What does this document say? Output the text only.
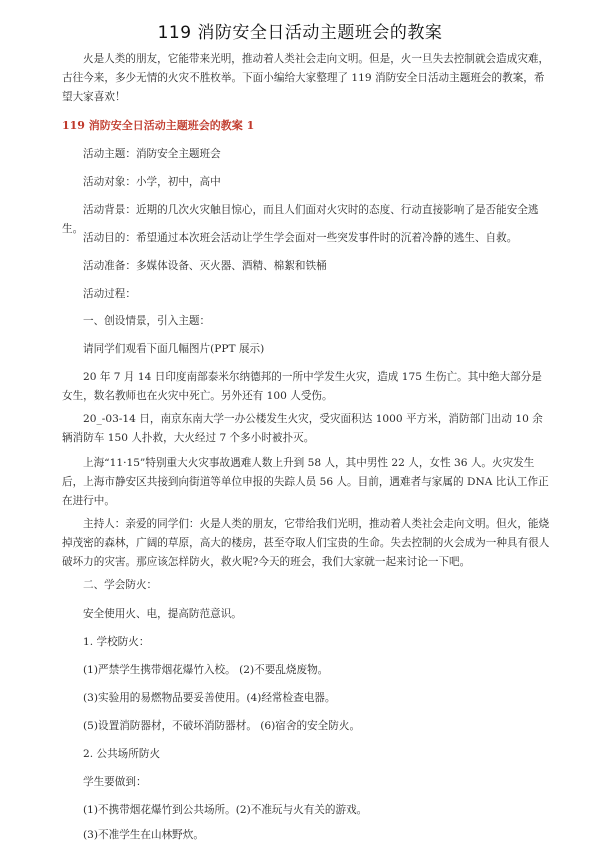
119 消防安全日活动主题班会的教案

火是人类的朋友，它能带来光明，推动着人类社会走向文明。但是，火一旦失去控制就会造成灾难，古往今来，多少无情的火灾不胜枚举。下面小编给大家整理了 119 消防安全日活动主题班会的教案，希望大家喜欢！

119 消防安全日活动主题班会的教案 1

活动主题：消防安全主题班会

活动对象：小学，初中，高中

活动背景：近期的几次火灾触目惊心，而且人们面对火灾时的态度、行动直接影响了是否能安全逃生。

活动目的：希望通过本次班会活动让学生学会面对一些突发事件时的沉着冷静的逃生、自救。

活动准备：多媒体设备、灭火器、酒精、棉絮和铁桶

活动过程：

一、创设情景，引入主题：

请同学们观看下面几幅图片(PPT 展示)

20 年 7 月 14 日印度南部泰米尔纳德邦的一所中学发生火灾，造成 175 生伤亡。其中绝大部分是女生，数名教师也在火灾中死亡。另外还有 100 人受伤。

20_-03-14 日，南京东南大学一办公楼发生火灾，受灾面积达 1000 平方米，消防部门出动 10 余辆消防车 150 人扑救，大火经过 7 个多小时被扑灭。

上海“11·15”特别重大火灾事故遇难人数上升到 58 人，其中男性 22 人，女性 36 人。火灾发生后，上海市静安区共接到向街道等单位申报的失踪人员 56 人。目前，遇难者与家属的 DNA 比认工作正在进行中。

主持人：亲爱的同学们：火是人类的朋友，它带给我们光明，推动着人类社会走向文明。但火，能烧掉茂密的森林，广阔的草原，高大的楼房，甚至夺取人们宝贵的生命。失去控制的火会成为一种具有很人破坏力的灾害。那应该怎样防火，救火呢?今天的班会，我们大家就一起来讨论一下吧。

二、学会防火：

安全使用火、电，提高防范意识。

1. 学校防火：

(1)严禁学生携带烟花爆竹入校。 (2)不要乱烧废物。

(3)实验用的易燃物品要妥善使用。(4)经常检查电器。

(5)设置消防器材，不破坏消防器材。 (6)宿舍的安全防火。

2. 公共场所防火

学生要做到：

(1)不携带烟花爆竹到公共场所。(2)不准玩与火有关的游戏。

(3)不准学生在山林野炊。
